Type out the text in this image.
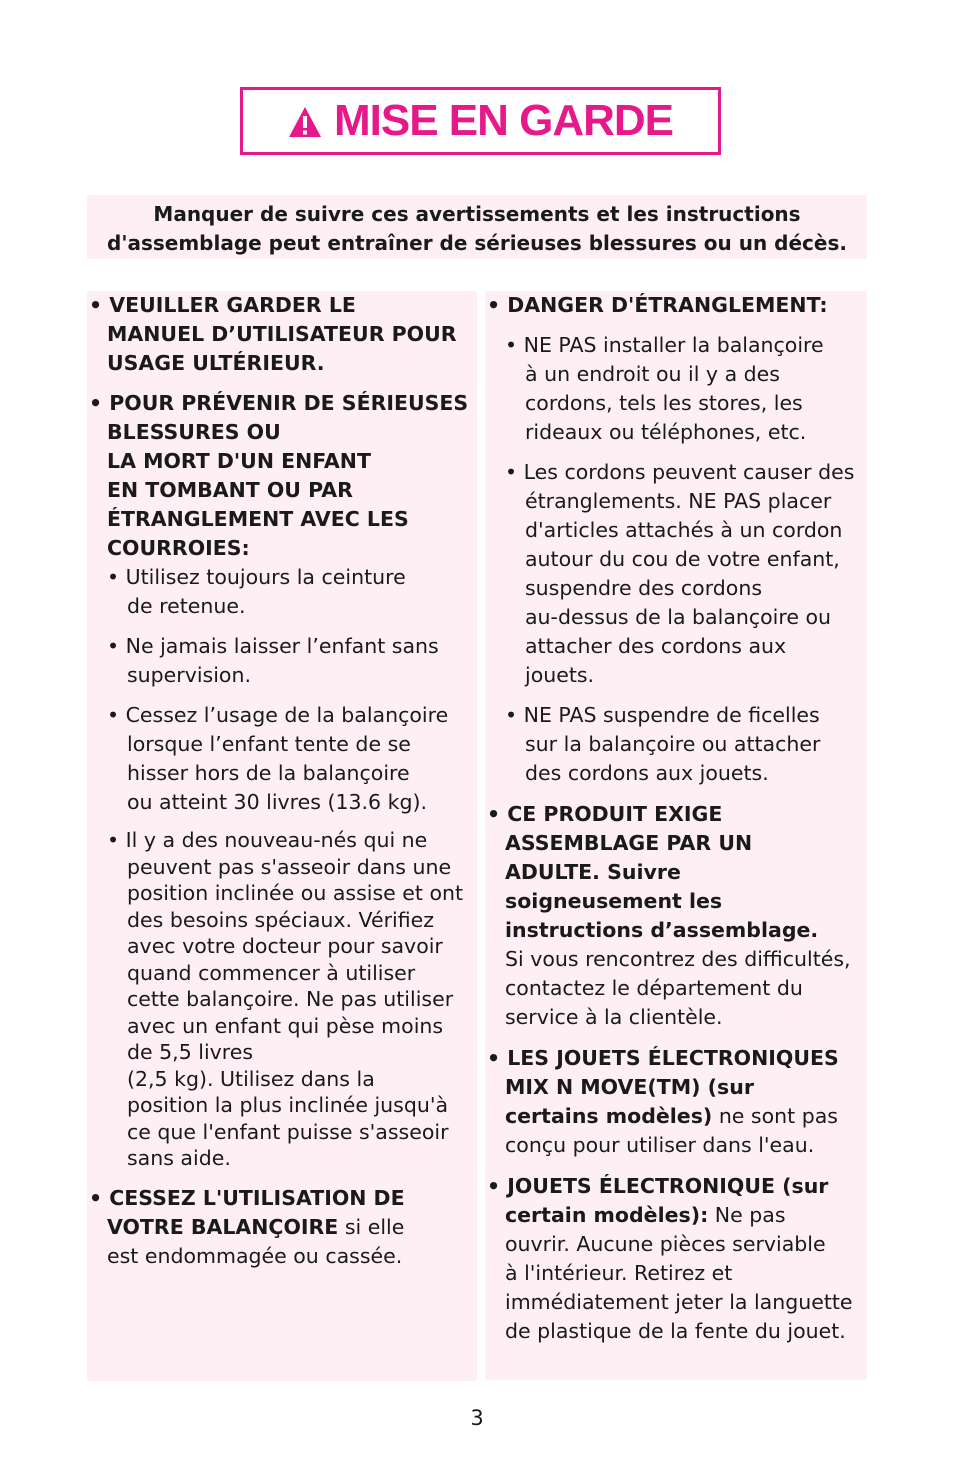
MISE EN GARDE
Manquer de suivre ces avertissements et les instructions
d'assemblage peut entraîner de sérieuses blessures ou un décès.
• VEUILLER GARDER LE
MANUEL D’UTILISATEUR POUR
USAGE ULTÉRIEUR.
• POUR PRÉVENIR DE SÉRIEUSES
BLESSURES OU
LA MORT D'UN ENFANT
EN TOMBANT OU PAR
ÉTRANGLEMENT AVEC LES
COURROIES:
• Utilisez toujours la ceinture
de retenue.
• Ne jamais laisser l’enfant sans
supervision.
• Cessez l’usage de la balançoire
lorsque l’enfant tente de se
hisser hors de la balançoire
ou atteint 30 livres (13.6 kg).
• Il y a des nouveau-nés qui ne
peuvent pas s'asseoir dans une
position inclinée ou assise et ont
des besoins spéciaux. Vérifiez
avec votre docteur pour savoir
quand commencer à utiliser
cette balançoire. Ne pas utiliser
avec un enfant qui pèse moins
de 5,5 livres
(2,5 kg). Utilisez dans la
position la plus inclinée jusqu'à
ce que l'enfant puisse s'asseoir
sans aide.
• CESSEZ L'UTILISATION DE
VOTRE BALANÇOIRE si elle
est endommagée ou cassée.
• DANGER D'ÉTRANGLEMENT:
• NE PAS installer la balançoire
à un endroit ou il y a des
cordons, tels les stores, les
rideaux ou téléphones, etc.
• Les cordons peuvent causer des
étranglements. NE PAS placer
d'articles attachés à un cordon
autour du cou de votre enfant,
suspendre des cordons
au-dessus de la balançoire ou
attacher des cordons aux
jouets.
• NE PAS suspendre de ficelles
sur la balançoire ou attacher
des cordons aux jouets.
• CE PRODUIT EXIGE
ASSEMBLAGE PAR UN
ADULTE. Suivre
soigneusement les
instructions d’assemblage.
Si vous rencontrez des difficultés,
contactez le département du
service à la clientèle.
• LES JOUETS ÉLECTRONIQUES
MIX N MOVE(TM) (sur
certains modèles) ne sont pas
conçu pour utiliser dans l'eau.
• JOUETS ÉLECTRONIQUE (sur
certain modèles): Ne pas
ouvrir. Aucune pièces serviable
à l'intérieur. Retirez et
immédiatement jeter la languette
de plastique de la fente du jouet.
3
